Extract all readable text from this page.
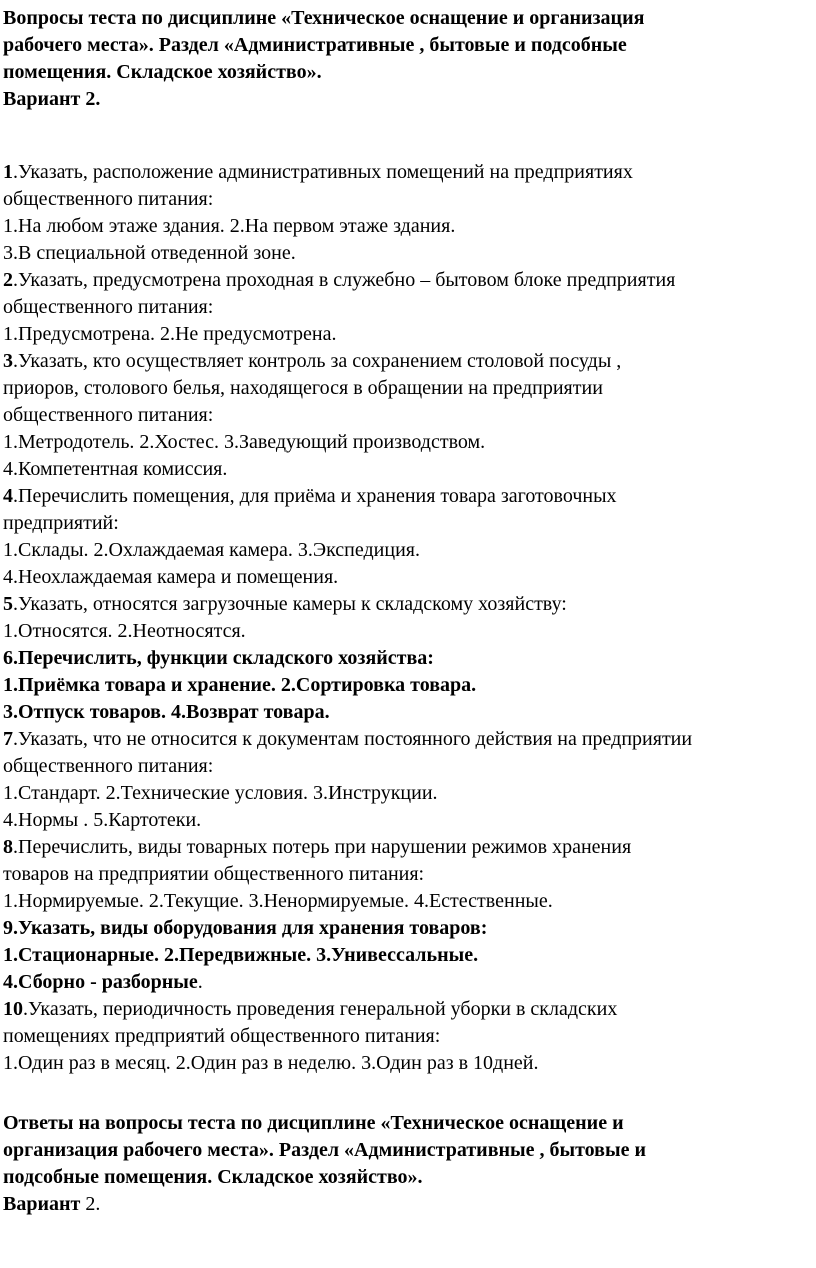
Вопросы теста по дисциплине «Техническое оснащение и организация
рабочего места». Раздел «Административные , бытовые и подсобные
помещения. Складское хозяйство».
Вариант 2.
1.Указать, расположение административных помещений на предприятиях
общественного питания:
1.На любом этаже здания. 2.На первом этаже здания.
3.В специальной отведенной зоне.
2.Указать, предусмотрена проходная в служебно – бытовом блоке предприятия
общественного питания:
1.Предусмотрена. 2.Не предусмотрена.
3.Указать, кто осуществляет контроль за сохранением столовой посуды ,
приоров, столового белья, находящегося в обращении на предприятии
общественного питания:
1.Метродотель. 2.Хостес. 3.Заведующий производством.
4.Компетентная комиссия.
4.Перечислить помещения, для приёма и хранения товара заготовочных
предприятий:
1.Склады. 2.Охлаждаемая камера. 3.Экспедиция.
4.Неохлаждаемая камера и помещения.
5.Указать, относятся загрузочные камеры к складскому хозяйству:
1.Относятся. 2.Неотносятся.
6.Перечислить, функции складского хозяйства:
1.Приёмка товара и хранение. 2.Сортировка товара.
3.Отпуск товаров. 4.Возврат товара.
7.Указать, что не относится к документам постоянного действия на предприятии
общественного питания:
1.Стандарт. 2.Технические условия. 3.Инструкции.
4.Нормы . 5.Картотеки.
8.Перечислить, виды товарных потерь при нарушении режимов хранения
товаров на предприятии общественного питания:
1.Нормируемые. 2.Текущие. 3.Ненормируемые. 4.Естественные.
9.Указать, виды оборудования для хранения товаров:
1.Стационарные. 2.Передвижные. 3.Унивессальные.
4.Сборно - разборные.
10.Указать, периодичность проведения генеральной уборки в складских
помещениях предприятий общественного питания:
1.Один раз в месяц. 2.Один раз в неделю. 3.Один раз в 10дней.
Ответы на вопросы теста по дисциплине «Техническое оснащение и
организация рабочего места». Раздел «Административные , бытовые и
подсобные помещения. Складское хозяйство».
Вариант 2.
